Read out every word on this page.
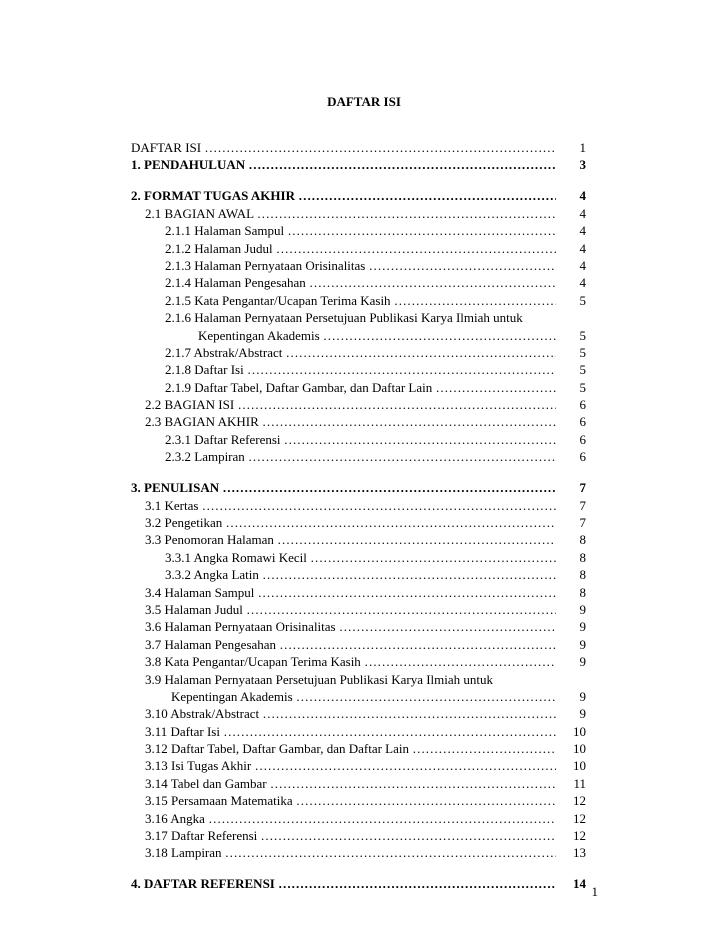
DAFTAR ISI
DAFTAR ISI …………………………………………………………………………………………………………………………………………………………	1
1. PENDAHULUAN …………………………………………………………………………………………………………………………………………………………	3
2. FORMAT TUGAS AKHIR …………………………………………………………………………………………………………………………………………………………	4
2.1 BAGIAN AWAL …………………………………………………………………………………………………………………………………………………………	4
2.1.1 Halaman Sampul …………………………………………………………………………………………………………………………………………………………	4
2.1.2 Halaman Judul …………………………………………………………………………………………………………………………………………………………	4
2.1.3 Halaman Pernyataan Orisinalitas …………………………………………………………………………………………………………………………………………………………	4
2.1.4 Halaman Pengesahan …………………………………………………………………………………………………………………………………………………………	4
2.1.5 Kata Pengantar/Ucapan Terima Kasih …………………………………………………………………………………………………………………………………………………………	5
2.1.6 Halaman Pernyataan Persetujuan Publikasi Karya Ilmiah untuk
Kepentingan Akademis …………………………………………………………………………………………………………………………………………………………	5
2.1.7 Abstrak/Abstract …………………………………………………………………………………………………………………………………………………………	5
2.1.8 Daftar Isi …………………………………………………………………………………………………………………………………………………………	5
2.1.9 Daftar Tabel, Daftar Gambar, dan Daftar Lain …………………………………………………………………………………………………………………………………………………………	5
2.2 BAGIAN ISI …………………………………………………………………………………………………………………………………………………………	6
2.3 BAGIAN AKHIR …………………………………………………………………………………………………………………………………………………………	6
2.3.1 Daftar Referensi …………………………………………………………………………………………………………………………………………………………	6
2.3.2 Lampiran …………………………………………………………………………………………………………………………………………………………	6
3. PENULISAN …………………………………………………………………………………………………………………………………………………………	7
3.1 Kertas …………………………………………………………………………………………………………………………………………………………	7
3.2 Pengetikan …………………………………………………………………………………………………………………………………………………………	7
3.3 Penomoran Halaman …………………………………………………………………………………………………………………………………………………………	8
3.3.1 Angka Romawi Kecil …………………………………………………………………………………………………………………………………………………………	8
3.3.2 Angka Latin …………………………………………………………………………………………………………………………………………………………	8
3.4 Halaman Sampul …………………………………………………………………………………………………………………………………………………………	8
3.5 Halaman Judul …………………………………………………………………………………………………………………………………………………………	9
3.6 Halaman Pernyataan Orisinalitas …………………………………………………………………………………………………………………………………………………………	9
3.7 Halaman Pengesahan …………………………………………………………………………………………………………………………………………………………	9
3.8 Kata Pengantar/Ucapan Terima Kasih …………………………………………………………………………………………………………………………………………………………	9
3.9 Halaman Pernyataan Persetujuan Publikasi Karya Ilmiah untuk
Kepentingan Akademis …………………………………………………………………………………………………………………………………………………………	9
3.10 Abstrak/Abstract …………………………………………………………………………………………………………………………………………………………	9
3.11 Daftar Isi …………………………………………………………………………………………………………………………………………………………	10
3.12 Daftar Tabel, Daftar Gambar, dan Daftar Lain …………………………………………………………………………………………………………………………………………………………	10
3.13 Isi Tugas Akhir …………………………………………………………………………………………………………………………………………………………	10
3.14 Tabel dan Gambar …………………………………………………………………………………………………………………………………………………………	11
3.15 Persamaan Matematika …………………………………………………………………………………………………………………………………………………………	12
3.16 Angka …………………………………………………………………………………………………………………………………………………………	12
3.17 Daftar Referensi …………………………………………………………………………………………………………………………………………………………	12
3.18 Lampiran …………………………………………………………………………………………………………………………………………………………	13
4. DAFTAR REFERENSI …………………………………………………………………………………………………………………………………………………………	14
1
